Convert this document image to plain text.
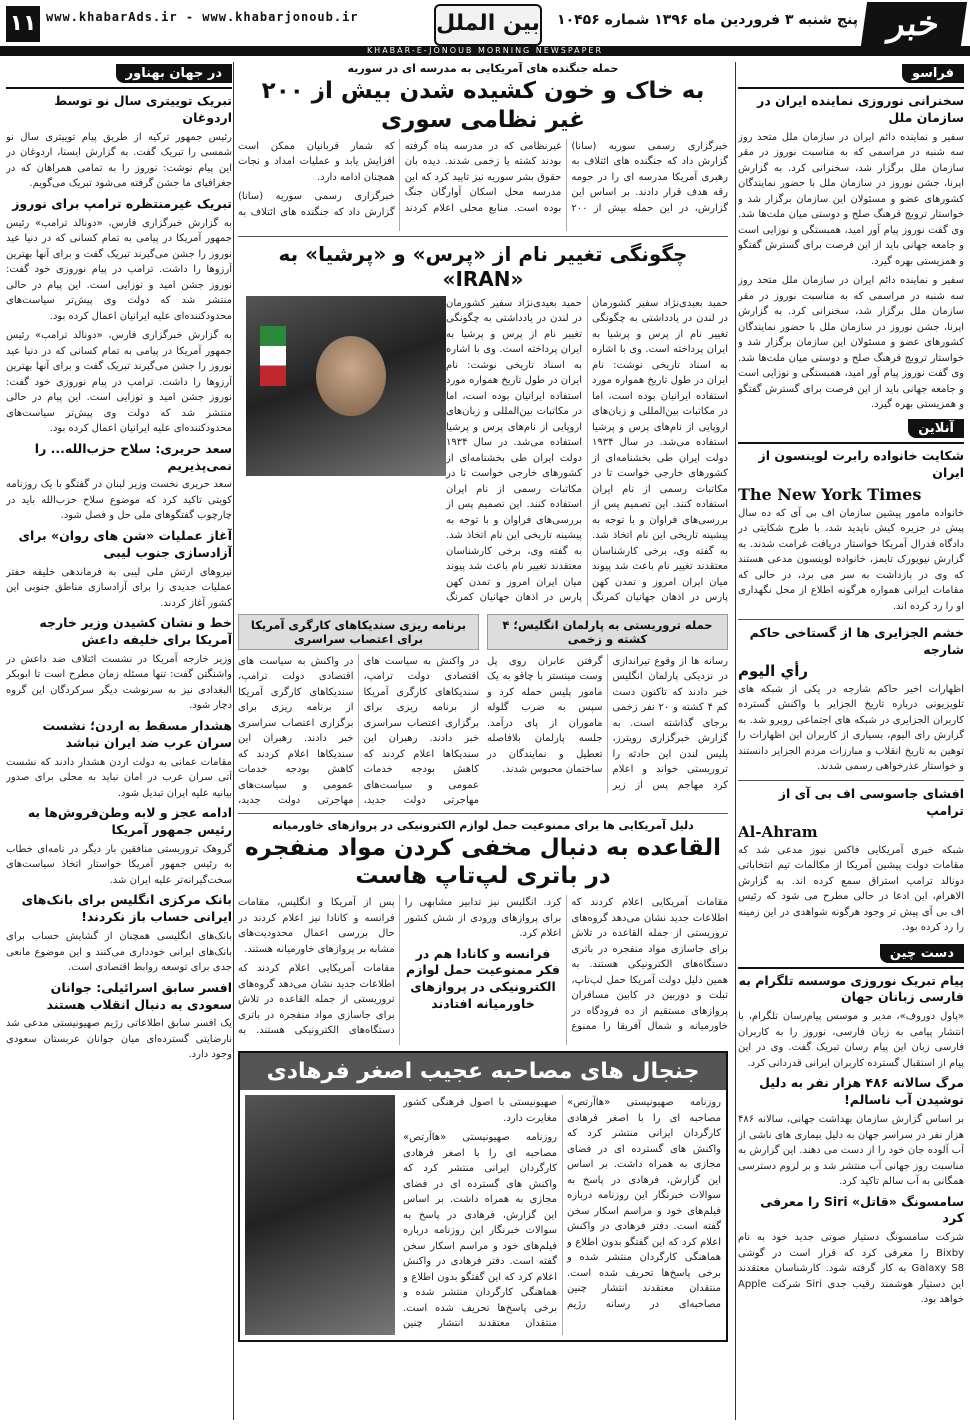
۱۱ www.khabarAds.ir - www.khabarjonoub.ir	بین الملل پنج شنبه ۳ فروردین ماه ۱۳۹۶ شماره ۱۰۴۵۶ خبر
KHABAR-E-JONOUB MORNING NEWSPAPER
فراسو
سخنرانی نوروزی نماینده ایران در سازمان ملل

سفیر و نماینده دائم ایران در سازمان ملل متحد روز سه شنبه در مراسمی که به مناسبت نوروز در مقر سازمان ملل برگزار شد، سخنرانی کرد. به گزارش ایرنا، جشن نوروز در سازمان ملل با حضور نمایندگان کشورهای عضو و مسئولان این سازمان برگزار شد و خواستار ترویج فرهنگ صلح و دوستی میان ملت‌ها شد. وی گفت نوروز پیام آور امید، همبستگی و نوزایی است و جامعه جهانی باید از این فرصت برای گسترش گفتگو و همزیستی بهره گیرد.

سفیر و نماینده دائم ایران در سازمان ملل متحد روز سه شنبه در مراسمی که به مناسبت نوروز در مقر سازمان ملل برگزار شد، سخنرانی کرد. به گزارش ایرنا، جشن نوروز در سازمان ملل با حضور نمایندگان کشورهای عضو و مسئولان این سازمان برگزار شد و خواستار ترویج فرهنگ صلح و دوستی میان ملت‌ها شد. وی گفت نوروز پیام آور امید، همبستگی و نوزایی است و جامعه جهانی باید از این فرصت برای گسترش گفتگو و همزیستی بهره گیرد.

آنلاین
شکایت خانواده رابرت لوینسون از ایران
The New York Times

خانواده مامور پیشین سازمان اف بی آی که ده سال پیش در جزیره کیش ناپدید شد، با طرح شکایتی در دادگاه فدرال آمریکا خواستار دریافت غرامت شدند. به گزارش نیویورک تایمز، خانواده لوینسون مدعی هستند که وی در بازداشت به سر می برد، در حالی که مقامات ایرانی همواره هرگونه اطلاع از محل نگهداری او را رد کرده اند.

خشم الجزایری ها از گستاخی حاکم شارجه
رأي اليوم

اظهارات اخیر حاکم شارجه در یکی از شبکه های تلویزیونی درباره تاریخ الجزایر با واکنش گسترده کاربران الجزایری در شبکه های اجتماعی روبرو شد. به گزارش رای الیوم، بسیاری از کاربران این اظهارات را توهین به تاریخ انقلاب و مبارزات مردم الجزایر دانستند و خواستار عذرخواهی رسمی شدند.

افشای جاسوسی اف بی آی از ترامپ
Al-Ahram

شبکه خبری آمریکایی فاکس نیوز مدعی شد که مقامات دولت پیشین آمریکا از مکالمات تیم انتخاباتی دونالد ترامپ استراق سمع کرده اند. به گزارش الاهرام، این ادعا در حالی مطرح می شود که رئیس اف بی آی پیش تر وجود هرگونه شواهدی در این زمینه را رد کرده بود.

دست چین
پیام تبریک نوروزی موسسه تلگرام به فارسی زبانان جهان

«پاول دوروف»، مدیر و موسس پیام‌رسان تلگرام، با انتشار پیامی به زبان فارسی، نوروز را به کاربران فارسی زبان این پیام رسان تبریک گفت. وی در این پیام از استقبال گسترده کاربران ایرانی قدردانی کرد.

مرگ سالانه ۴۸۶ هزار نفر به دلیل نوشیدن آب ناسالم!

بر اساس گزارش سازمان بهداشت جهانی، سالانه ۴۸۶ هزار نفر در سراسر جهان به دلیل بیماری های ناشی از آب آلوده جان خود را از دست می دهند. این گزارش به مناسبت روز جهانی آب منتشر شد و بر لزوم دسترسی همگانی به آب سالم تاکید کرد.

سامسونگ «قاتل» Siri را معرفی کرد

شرکت سامسونگ دستیار صوتی جدید خود به نام Bixby را معرفی کرد که قرار است در گوشی Galaxy S8 به کار گرفته شود. کارشناسان معتقدند این دستیار هوشمند رقیب جدی Siri شرکت Apple خواهد بود.

حمله جنگنده های آمریکایی به مدرسه ای در سوریه
به خاک و خون کشیده شدن بیش از ۲۰۰ غیر نظامی سوری

خبرگزاری رسمی سوریه (سانا) گزارش داد که جنگنده های ائتلاف به رهبری آمریکا مدرسه ای را در حومه رقه هدف قرار دادند. بر اساس این گزارش، در این حمله بیش از ۲۰۰ غیرنظامی که در مدرسه پناه گرفته بودند کشته یا زخمی شدند. دیده بان حقوق بشر سوریه نیز تایید کرد که این مدرسه محل اسکان آوارگان جنگ بوده است. منابع محلی اعلام کردند که شمار قربانیان ممکن است افزایش یابد و عملیات امداد و نجات همچنان ادامه دارد.

خبرگزاری رسمی سوریه (سانا) گزارش داد که جنگنده های ائتلاف به

چگونگی تغییر نام از «پرس» و «پرشیا» به «IRAN»

حمید بعیدی‌نژاد سفیر کشورمان در لندن در یادداشتی به چگونگی تغییر نام از پرس و پرشیا به ایران پرداخته است. وی با اشاره به اسناد تاریخی نوشت: نام ایران در طول تاریخ همواره مورد استفاده ایرانیان بوده است، اما در مکاتبات بین‌المللی و زبان‌های اروپایی از نام‌های پرس و پرشیا استفاده می‌شد. در سال ۱۹۳۴ دولت ایران طی بخشنامه‌ای از کشورهای خارجی خواست تا در مکاتبات رسمی از نام ایران استفاده کنند. این تصمیم پس از بررسی‌های فراوان و با توجه به پیشینه تاریخی این نام اتخاذ شد. به گفته وی، برخی کارشناسان معتقدند تغییر نام باعث شد پیوند میان ایران امروز و تمدن کهن پارس در اذهان جهانیان کمرنگ

حمید بعیدی‌نژاد سفیر کشورمان در لندن در یادداشتی به چگونگی تغییر نام از پرس و پرشیا به ایران پرداخته است. وی با اشاره به اسناد تاریخی نوشت: نام ایران در طول تاریخ همواره مورد استفاده ایرانیان بوده است، اما در مکاتبات بین‌المللی و زبان‌های اروپایی از نام‌های پرس و پرشیا استفاده می‌شد. در سال ۱۹۳۴ دولت ایران طی بخشنامه‌ای از کشورهای خارجی خواست تا در مکاتبات رسمی از نام ایران استفاده کنند. این تصمیم پس از بررسی‌های فراوان و با توجه به پیشینه تاریخی این نام اتخاذ شد. به گفته وی، برخی کارشناسان معتقدند تغییر نام باعث شد پیوند میان ایران امروز و تمدن کهن پارس در اذهان جهانیان کمرنگ

حمله تروریستی به پارلمان انگلیس؛ ۴ کشته و زخمی

رسانه ها از وقوع تیراندازی در نزدیکی پارلمان انگلیس خبر دادند که تاکنون دست کم ۴ کشته و ۲۰ نفر زخمی برجای گذاشته است. به گزارش خبرگزاری رویترز، پلیس لندن این حادثه را تروریستی خواند و اعلام کرد مهاجم پس از زیر گرفتن عابران روی پل وست مینستر با چاقو به یک مامور پلیس حمله کرد و سپس به ضرب گلوله ماموران از پای درآمد. جلسه پارلمان بلافاصله تعطیل و نمایندگان در ساختمان محبوس شدند.

برنامه ریزی سندیکاهای کارگری آمریکا برای اعتصاب سراسری

در واکنش به سیاست های اقتصادی دولت ترامپ، سندیکاهای کارگری آمریکا از برنامه ریزی برای برگزاری اعتصاب سراسری خبر دادند. رهبران این سندیکاها اعلام کردند که کاهش بودجه خدمات عمومی و سیاست‌های مهاجرتی دولت جدید،

در واکنش به سیاست های اقتصادی دولت ترامپ، سندیکاهای کارگری آمریکا از برنامه ریزی برای برگزاری اعتصاب سراسری خبر دادند. رهبران این سندیکاها اعلام کردند که کاهش بودجه خدمات عمومی و سیاست‌های مهاجرتی دولت جدید،

دلیل آمریکایی ها برای ممنوعیت حمل لوازم الکترونیکی در پروازهای خاورمیانه
القاعده به دنبال مخفی کردن مواد منفجره در باتری لپ‌تاپ هاست

مقامات آمریکایی اعلام کردند که اطلاعات جدید نشان می‌دهد گروه‌های تروریستی از جمله القاعده در تلاش برای جاسازی مواد منفجره در باتری دستگاه‌های الکترونیکی هستند. به همین دلیل دولت آمریکا حمل لپ‌تاپ، تبلت و دوربین در کابین مسافران پروازهای مستقیم از ده فرودگاه در خاورمیانه و شمال آفریقا را ممنوع کرد. انگلیس نیز تدابیر مشابهی را برای پروازهای ورودی از شش کشور اعلام کرد.

فرانسه و کانادا هم در فکر ممنوعیت حمل لوازم الکترونیکی در پروازهای خاورمیانه افتادند

پس از آمریکا و انگلیس، مقامات فرانسه و کانادا نیز اعلام کردند در حال بررسی اعمال محدودیت‌های مشابه بر پروازهای خاورمیانه هستند.

مقامات آمریکایی اعلام کردند که اطلاعات جدید نشان می‌دهد گروه‌های تروریستی از جمله القاعده در تلاش برای جاسازی مواد منفجره در باتری دستگاه‌های الکترونیکی هستند. به

جنجال های مصاحبه عجیب اصغر فرهادی

روزنامه صهیونیستی «هاآرتص» مصاحبه ای را با اصغر فرهادی کارگردان ایرانی منتشر کرد که واکنش های گسترده ای در فضای مجازی به همراه داشت. بر اساس این گزارش، فرهادی در پاسخ به سوالات خبرنگار این روزنامه درباره فیلم‌های خود و مراسم اسکار سخن گفته است. دفتر فرهادی در واکنش اعلام کرد که این گفتگو بدون اطلاع و هماهنگی کارگردان منتشر شده و برخی پاسخ‌ها تحریف شده است. منتقدان معتقدند انتشار چنین مصاحبه‌ای در رسانه رژیم صهیونیستی با اصول فرهنگی کشور مغایرت دارد.

روزنامه صهیونیستی «هاآرتص» مصاحبه ای را با اصغر فرهادی کارگردان ایرانی منتشر کرد که واکنش های گسترده ای در فضای مجازی به همراه داشت. بر اساس این گزارش، فرهادی در پاسخ به سوالات خبرنگار این روزنامه درباره فیلم‌های خود و مراسم اسکار سخن گفته است. دفتر فرهادی در واکنش اعلام کرد که این گفتگو بدون اطلاع و هماهنگی کارگردان منتشر شده و برخی پاسخ‌ها تحریف شده است. منتقدان معتقدند انتشار چنین

در جهان بهناور
تبریک توییتری سال نو توسط اردوغان

رئیس جمهور ترکیه از طریق پیام توییتری سال نو شمسی را تبریک گفت. به گزارش ایسنا، اردوغان در این پیام نوشت: نوروز را به تمامی همراهان که در جغرافیای ما جشن گرفته می‌شود تبریک می‌گویم.

تبریک غیرمنتظره ترامپ برای نوروز

به گزارش خبرگزاری فارس، «دونالد ترامپ» رئیس جمهور آمریکا در پیامی به تمام کسانی که در دنیا عید نوروز را جشن می‌گیرند تبریک گفت و برای آنها بهترین آرزوها را داشت. ترامپ در پیام نوروزی خود گفت: نوروز جشن امید و نوزایی است. این پیام در حالی منتشر شد که دولت وی پیش‌تر سیاست‌های محدودکننده‌ای علیه ایرانیان اعمال کرده بود.

به گزارش خبرگزاری فارس، «دونالد ترامپ» رئیس جمهور آمریکا در پیامی به تمام کسانی که در دنیا عید نوروز را جشن می‌گیرند تبریک گفت و برای آنها بهترین آرزوها را داشت. ترامپ در پیام نوروزی خود گفت: نوروز جشن امید و نوزایی است. این پیام در حالی منتشر شد که دولت وی پیش‌تر سیاست‌های محدودکننده‌ای علیه ایرانیان اعمال کرده بود.

سعد حریری: سلاح حزب‌الله... را نمی‌پذیریم

سعد حریری نخست وزیر لبنان در گفتگو با یک روزنامه کویتی تاکید کرد که موضوع سلاح حزب‌الله باید در چارچوب گفتگوهای ملی حل و فصل شود.

آغاز عملیات «شن های روان» برای آزادسازی جنوب لیبی

نیروهای ارتش ملی لیبی به فرماندهی خلیفه حفتر عملیات جدیدی را برای آزادسازی مناطق جنوبی این کشور آغاز کردند.

خط و نشان کشیدن وزیر خارجه آمریکا برای خلیفه داعش

وزیر خارجه آمریکا در نشست ائتلاف ضد داعش در واشنگتن گفت: تنها مسئله زمان مطرح است تا ابوبکر البغدادی نیز به سرنوشت دیگر سرکردگان این گروه دچار شود.

هشدار مسقط به اردن؛ نشست سران عرب ضد ایران نباشد

مقامات عمانی به دولت اردن هشدار دادند که نشست آتی سران عرب در امان نباید به محلی برای صدور بیانیه علیه ایران تبدیل شود.

ادامه عجز و لابه وطن‌فروش‌ها به رئیس جمهور آمریکا

گروهک تروریستی منافقین بار دیگر در نامه‌ای خطاب به رئیس جمهور آمریکا خواستار اتخاذ سیاست‌های سخت‌گیرانه‌تر علیه ایران شد.

بانک مرکزی انگلیس برای بانک‌های ایرانی حساب باز نکردند!

بانک‌های انگلیسی همچنان از گشایش حساب برای بانک‌های ایرانی خودداری می‌کنند و این موضوع مانعی جدی برای توسعه روابط اقتصادی است.

افسر سابق اسرائیلی: جوانان سعودی به دنبال انقلاب هستند

یک افسر سابق اطلاعاتی رژیم صهیونیستی مدعی شد نارضایتی گسترده‌ای میان جوانان عربستان سعودی وجود دارد.
